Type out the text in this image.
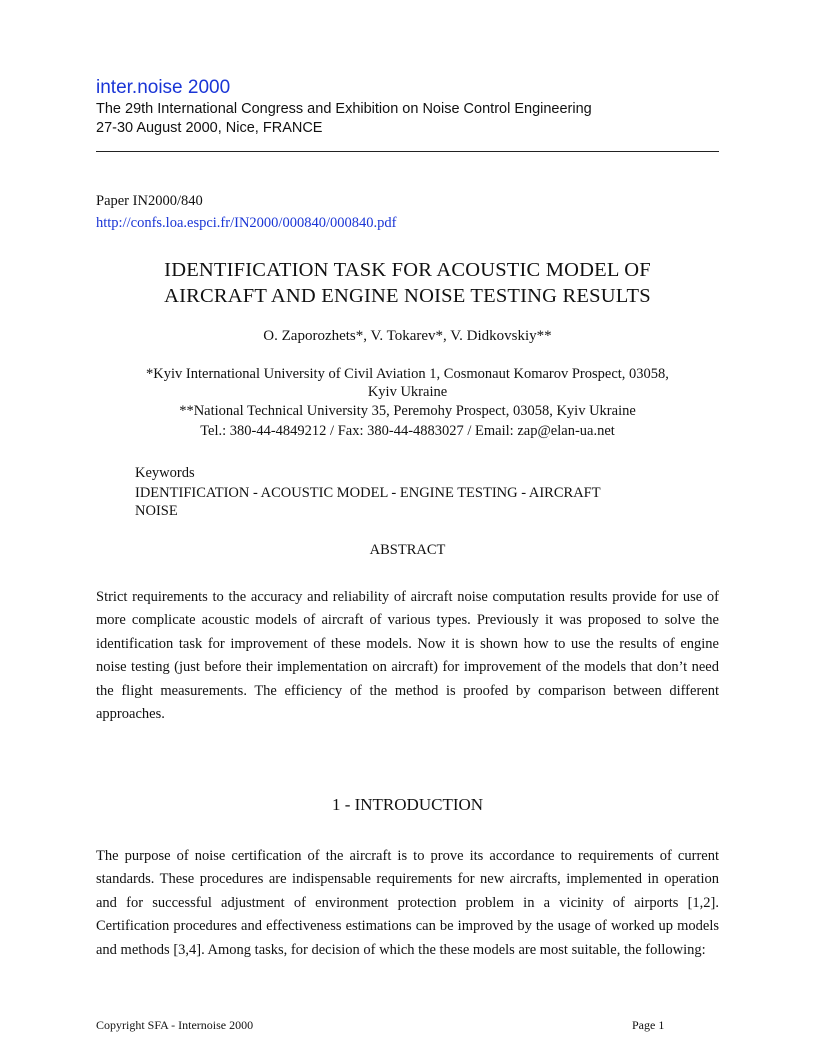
inter.noise 2000
The 29th International Congress and Exhibition on Noise Control Engineering
27-30 August 2000, Nice, FRANCE
Paper IN2000/840
http://confs.loa.espci.fr/IN2000/000840/000840.pdf
IDENTIFICATION TASK FOR ACOUSTIC MODEL OF
AIRCRAFT AND ENGINE NOISE TESTING RESULTS
O. Zaporozhets*, V. Tokarev*, V. Didkovskiy**
*Kyiv International University of Civil Aviation 1, Cosmonaut Komarov Prospect, 03058,
Kyiv Ukraine
**National Technical University 35, Peremohy Prospect, 03058, Kyiv Ukraine
Tel.: 380-44-4849212 / Fax: 380-44-4883027 / Email: zap@elan-ua.net
Keywords
IDENTIFICATION - ACOUSTIC MODEL - ENGINE TESTING - AIRCRAFT
NOISE
ABSTRACT
Strict requirements to the accuracy and reliability of aircraft noise computation results provide for use of more complicate acoustic models of aircraft of various types. Previously it was proposed to solve the identification task for improvement of these models. Now it is shown how to use the results of engine noise testing (just before their implementation on aircraft) for improvement of the models that don’t need the flight measurements. The efficiency of the method is proofed by comparison between different approaches.
1 - INTRODUCTION
The purpose of noise certification of the aircraft is to prove its accordance to requirements of current standards. These procedures are indispensable requirements for new aircrafts, implemented in operation and for successful adjustment of environment protection problem in a vicinity of airports [1,2]. Certification procedures and effectiveness estimations can be improved by the usage of worked up models and methods [3,4]. Among tasks, for decision of which the these models are most suitable, the following:
Copyright SFA - Internoise 2000	Page 1
